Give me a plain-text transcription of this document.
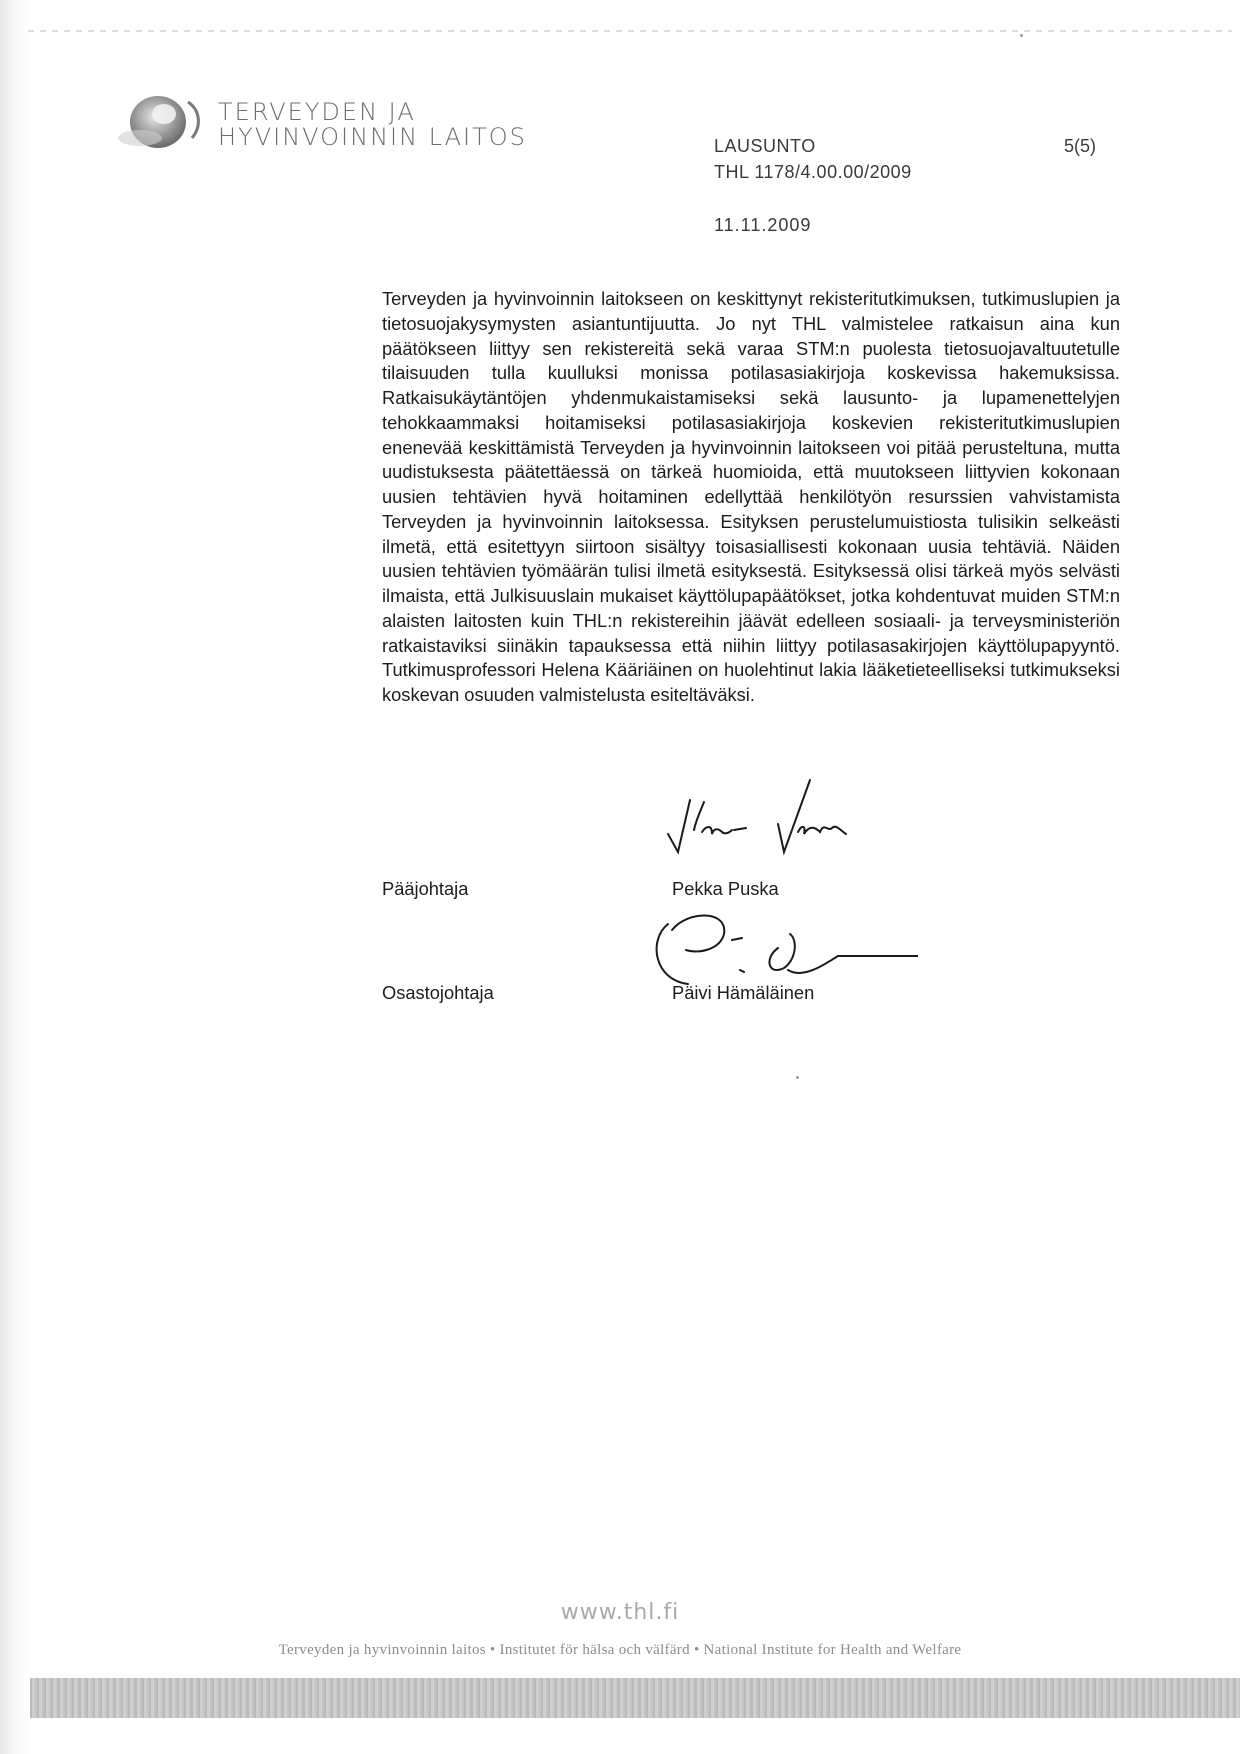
TERVEYDEN JA
HYVINVOINNIN LAITOS	LAUSUNTO	5(5)
THL 1178/4.00.00/2009
11.11.2009
Terveyden ja hyvinvoinnin laitokseen on keskittynyt rekisteritutkimuksen, tutkimuslupien ja tietosuojakysymysten asiantuntijuutta. Jo nyt THL valmistelee ratkaisun aina kun päätökseen liittyy sen rekistereitä sekä varaa STM:n puolesta tietosuojavaltuutetulle tilaisuuden tulla kuulluksi monissa potilasasiakirjoja koskevissa hakemuksissa. Ratkaisukäytäntöjen yhdenmukaistamiseksi sekä lausunto- ja lupamenettelyjen tehokkaammaksi hoitamiseksi potilasasiakirjoja koskevien rekisteritutkimuslupien enenevää keskittämistä Terveyden ja hyvinvoinnin laitokseen voi pitää perusteltuna, mutta uudistuksesta päätettäessä on tärkeä huomioida, että muutokseen liittyvien kokonaan uusien tehtävien hyvä hoitaminen edellyttää henkilötyön resurssien vahvistamista Terveyden ja hyvinvoinnin laitoksessa. Esityksen perustelumuistiosta tulisikin selkeästi ilmetä, että esitettyyn siirtoon sisältyy toisasiallisesti kokonaan uusia tehtäviä. Näiden uusien tehtävien työmäärän tulisi ilmetä esityksestä. Esityksessä olisi tärkeä myös selvästi ilmaista, että Julkisuuslain mukaiset käyttölupapäätökset, jotka kohdentuvat muiden STM:n alaisten laitosten kuin THL:n rekistereihin jäävät edelleen sosiaali- ja terveysministeriön ratkaistaviksi siinäkin tapauksessa että niihin liittyy potilasasakirjojen käyttölupapyyntö. Tutkimusprofessori Helena Kääriäinen on huolehtinut lakia lääketieteelliseksi tutkimukseksi koskevan osuuden valmistelusta esiteltäväksi.
Pääjohtaja	Pekka Puska
Osastojohtaja	Päivi Hämäläinen
www.thl.fi
Terveyden ja hyvinvoinnin laitos • Institutet för hälsa och välfärd • National Institute for Health and Welfare
